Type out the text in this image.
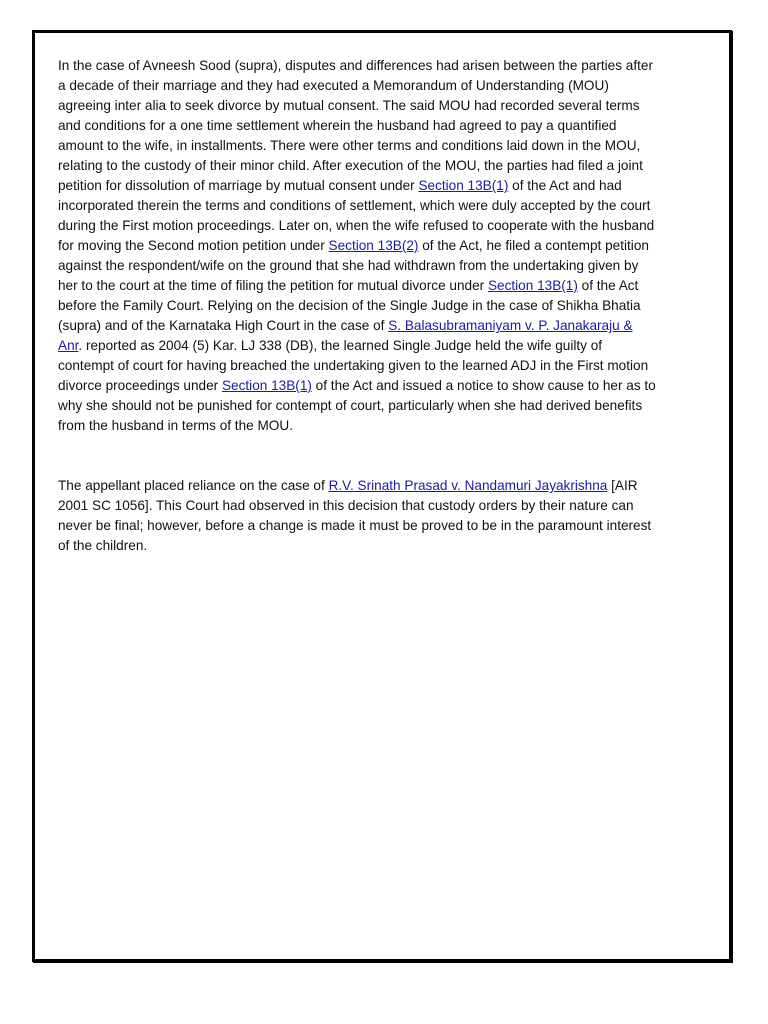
In the case of Avneesh Sood (supra), disputes and differences had arisen between the parties after a decade of their marriage and they had executed a Memorandum of Understanding (MOU) agreeing inter alia to seek divorce by mutual consent. The said MOU had recorded several terms and conditions for a one time settlement wherein the husband had agreed to pay a quantified amount to the wife, in installments. There were other terms and conditions laid down in the MOU, relating to the custody of their minor child. After execution of the MOU, the parties had filed a joint petition for dissolution of marriage by mutual consent under Section 13B(1) of the Act and had incorporated therein the terms and conditions of settlement, which were duly accepted by the court during the First motion proceedings. Later on, when the wife refused to cooperate with the husband for moving the Second motion petition under Section 13B(2) of the Act, he filed a contempt petition against the respondent/wife on the ground that she had withdrawn from the undertaking given by her to the court at the time of filing the petition for mutual divorce under Section 13B(1) of the Act before the Family Court. Relying on the decision of the Single Judge in the case of Shikha Bhatia (supra) and of the Karnataka High Court in the case of S. Balasubramaniyam v. P. Janakaraju & Anr. reported as 2004 (5) Kar. LJ 338 (DB), the learned Single Judge held the wife guilty of contempt of court for having breached the undertaking given to the learned ADJ in the First motion divorce proceedings under Section 13B(1) of the Act and issued a notice to show cause to her as to why she should not be punished for contempt of court, particularly when she had derived benefits from the husband in terms of the MOU.

The appellant placed reliance on the case of R.V. Srinath Prasad v. Nandamuri Jayakrishna [AIR 2001 SC 1056]. This Court had observed in this decision that custody orders by their nature can never be final; however, before a change is made it must be proved to be in the paramount interest of the children.
